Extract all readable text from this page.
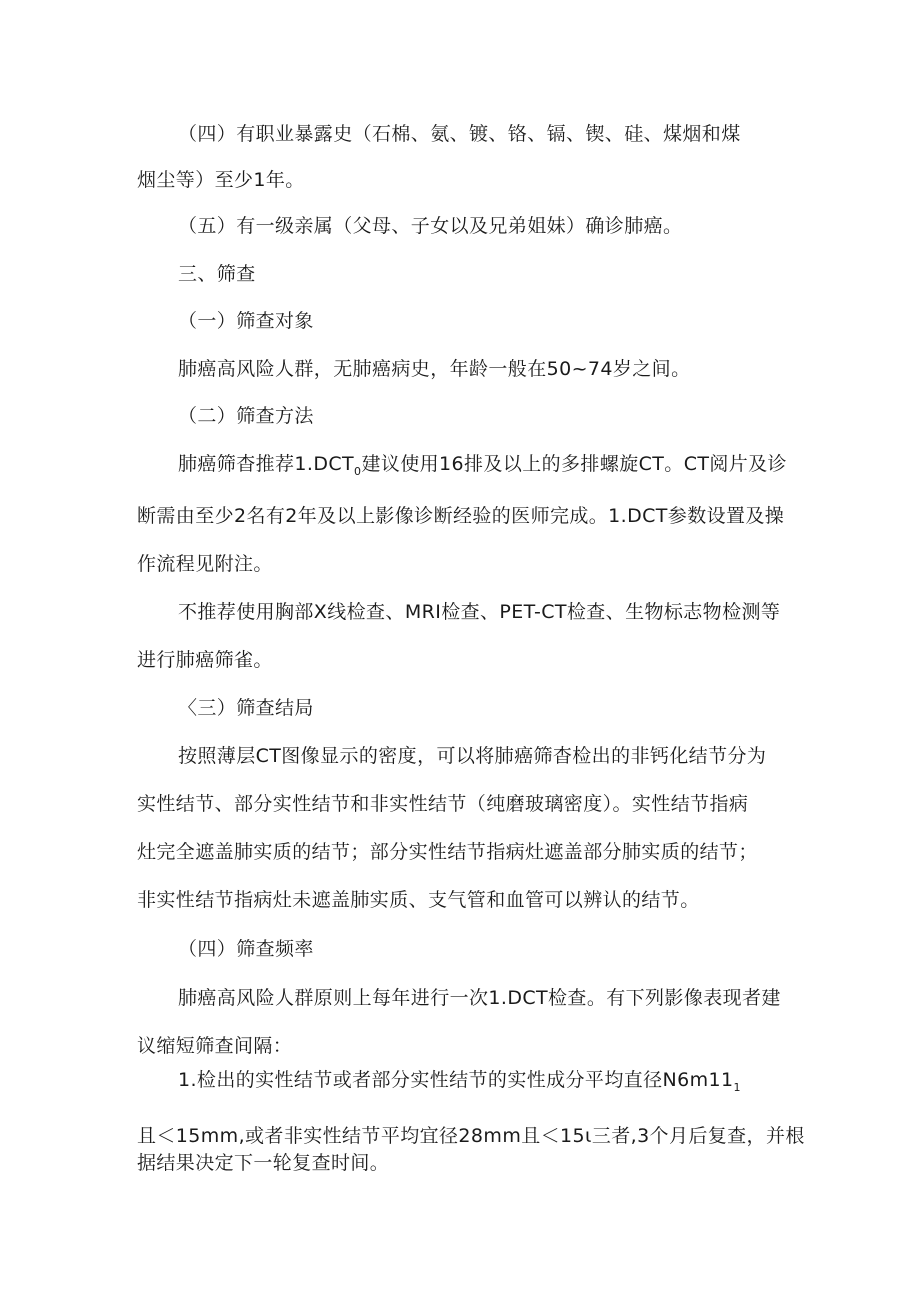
（四）有职业暴露史（石棉、氨、镀、铬、镉、锲、硅、煤烟和煤

烟尘等）至少1年。

（五）有一级亲属（父母、子女以及兄弟姐妹）确诊肺癌。

三、筛查

（一）筛查对象

肺癌高风险人群，无肺癌病史，年龄一般在50~74岁之间。

（二）筛查方法

肺癌筛杳推荐$1.DCT_0$建议使用16排及以上的多排螺旋CT。CT阅片及诊

断需由至少2名有2年及以上影像诊断经验的医师完成。1.DCT参数设置及操

作流程见附注。

不推荐使用胸部X线检查、MRI检查、PET-CT检查、生物标志物检测等

进行肺癌筛雀。

〈三）筛查结局

按照薄层CT图像显示的密度，可以将肺癌筛杳检出的非钙化结节分为

实性结节、部分实性结节和非实性结节（纯磨玻璃密度）。实性结节指病

灶完全遮盖肺实质的结节；部分实性结节指病灶遮盖部分肺实质的结节；

非实性结节指病灶未遮盖肺实质、支气管和血管可以辨认的结节。

（四）筛查频率

肺癌高风险人群原则上每年进行一次1.DCT检查。有下列影像表现者建

议缩短筛查间隔：

1.检出的实性结节或者部分实性结节的实性成分平均直径$N6m11_1$

且＜15mm,或者非实性结节平均宜径28mm且＜15ι三者,3个月后复查，并根

据结果决定下一轮复查时间。
